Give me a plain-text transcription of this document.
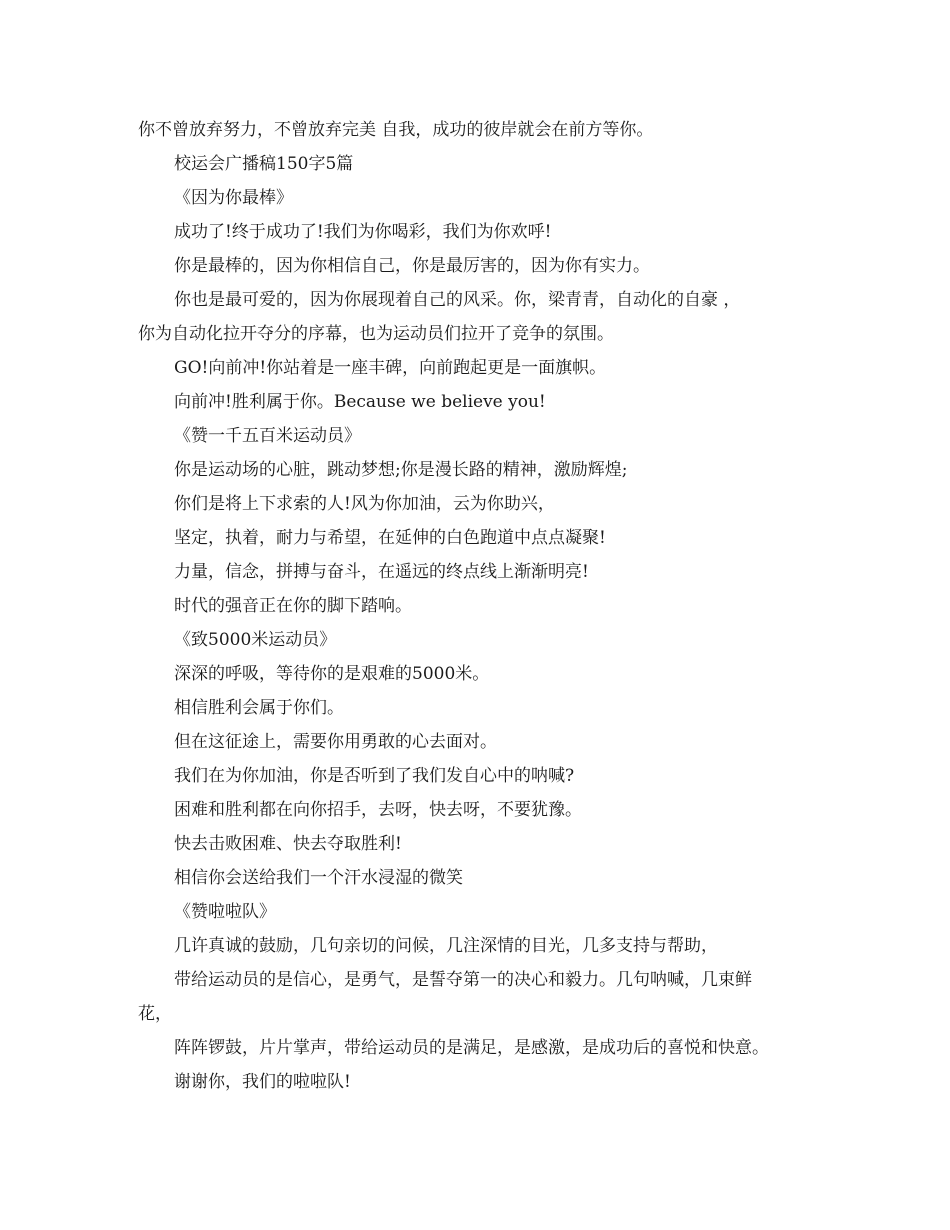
你不曾放弃努力，不曾放弃完美 自我，成功的彼岸就会在前方等你。
校运会广播稿150字5篇
《因为你最棒》
成功了!终于成功了!我们为你喝彩，我们为你欢呼!
你是最棒的，因为你相信自己，你是最厉害的，因为你有实力。
你也是最可爱的，因为你展现着自己的风采。你，梁青青，自动化的自豪 ，
你为自动化拉开夺分的序幕，也为运动员们拉开了竞争的氛围。
GO!向前冲!你站着是一座丰碑，向前跑起更是一面旗帜。
向前冲!胜利属于你。Because we believe you!
《赞一千五百米运动员》
你是运动场的心脏，跳动梦想;你是漫长路的精神，激励辉煌;
你们是将上下求索的人!风为你加油，云为你助兴，
坚定，执着，耐力与希望，在延伸的白色跑道中点点凝聚!
力量，信念，拼搏与奋斗，在遥远的终点线上渐渐明亮!
时代的强音正在你的脚下踏响。
《致5000米运动员》
深深的呼吸，等待你的是艰难的5000米。
相信胜利会属于你们。
但在这征途上，需要你用勇敢的心去面对。
我们在为你加油，你是否听到了我们发自心中的呐喊?
困难和胜利都在向你招手，去呀，快去呀，不要犹豫。
快去击败困难、快去夺取胜利!
相信你会送给我们一个汗水浸湿的微笑
《赞啦啦队》
几许真诚的鼓励，几句亲切的问候，几注深情的目光，几多支持与帮助，
带给运动员的是信心，是勇气，是誓夺第一的决心和毅力。几句呐喊，几束鲜
花，
阵阵锣鼓，片片掌声，带给运动员的是满足，是感激，是成功后的喜悦和快意。
谢谢你，我们的啦啦队!
